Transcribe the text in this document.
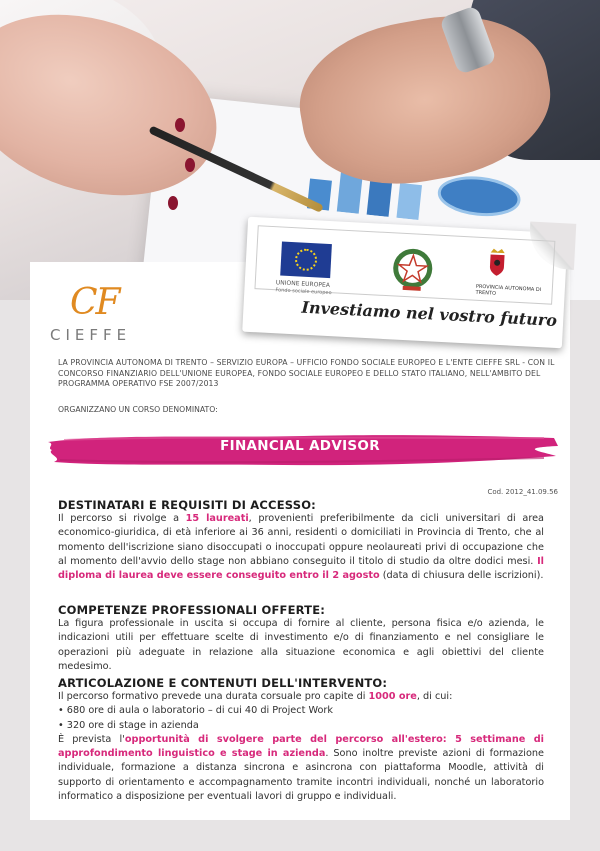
CF
CIEFFE
LA PROVINCIA AUTONOMA DI TRENTO – SERVIZIO EUROPA – UFFICIO FONDO SOCIALE EUROPEO E L'ENTE CIEFFE SRL - CON IL CONCORSO FINANZIARIO DELL'UNIONE EUROPEA, FONDO SOCIALE EUROPEO E DELLO STATO ITALIANO, NELL'AMBITO DEL PROGRAMMA OPERATIVO FSE 2007/2013
ORGANIZZANO UN CORSO DENOMINATO:
FINANCIAL ADVISOR
Cod. 2012_41.09.56
DESTINATARI E REQUISITI DI ACCESSO:

Il percorso si rivolge a 15 laureati, provenienti preferibilmente da cicli universitari di area economico-giuridica, di età inferiore ai 36 anni, residenti o domiciliati in Provincia di Trento, che al momento dell'iscrizione siano disoccupati o inoccupati oppure neolaureati privi di occupazione che al momento dell'avvio dello stage non abbiano conseguito il titolo di studio da oltre dodici mesi. Il diploma di laurea deve essere conseguito entro il 2 agosto (data di chiusura delle iscrizioni).

COMPETENZE PROFESSIONALI OFFERTE:

La figura professionale in uscita si occupa di fornire al cliente, persona fisica e/o azienda, le indicazioni utili per effettuare scelte di investimento e/o di finanziamento e nel consigliare le operazioni più adeguate in relazione alla situazione economica e agli obiettivi del cliente medesimo.

ARTICOLAZIONE E CONTENUTI DELL'INTERVENTO:

Il percorso formativo prevede una durata corsuale pro capite di 1000 ore, di cui:

• 680 ore di aula o laboratorio – di cui 40 di Project Work

• 320 ore di stage in azienda

È prevista l'opportunità di svolgere parte del percorso all'estero: 5 settimane di approfondimento linguistico e stage in azienda. Sono inoltre previste azioni di formazione individuale, formazione a distanza sincrona e asincrona con piattaforma Moodle, attività di supporto di orientamento e accompagnamento tramite incontri individuali, nonché un laboratorio informatico a disposizione per eventuali lavori di gruppo e individuali.

UNIONE EUROPEA
Fondo sociale europeo	PROVINCIA AUTONOMA DI TRENTO
Investiamo nel vostro futuro
